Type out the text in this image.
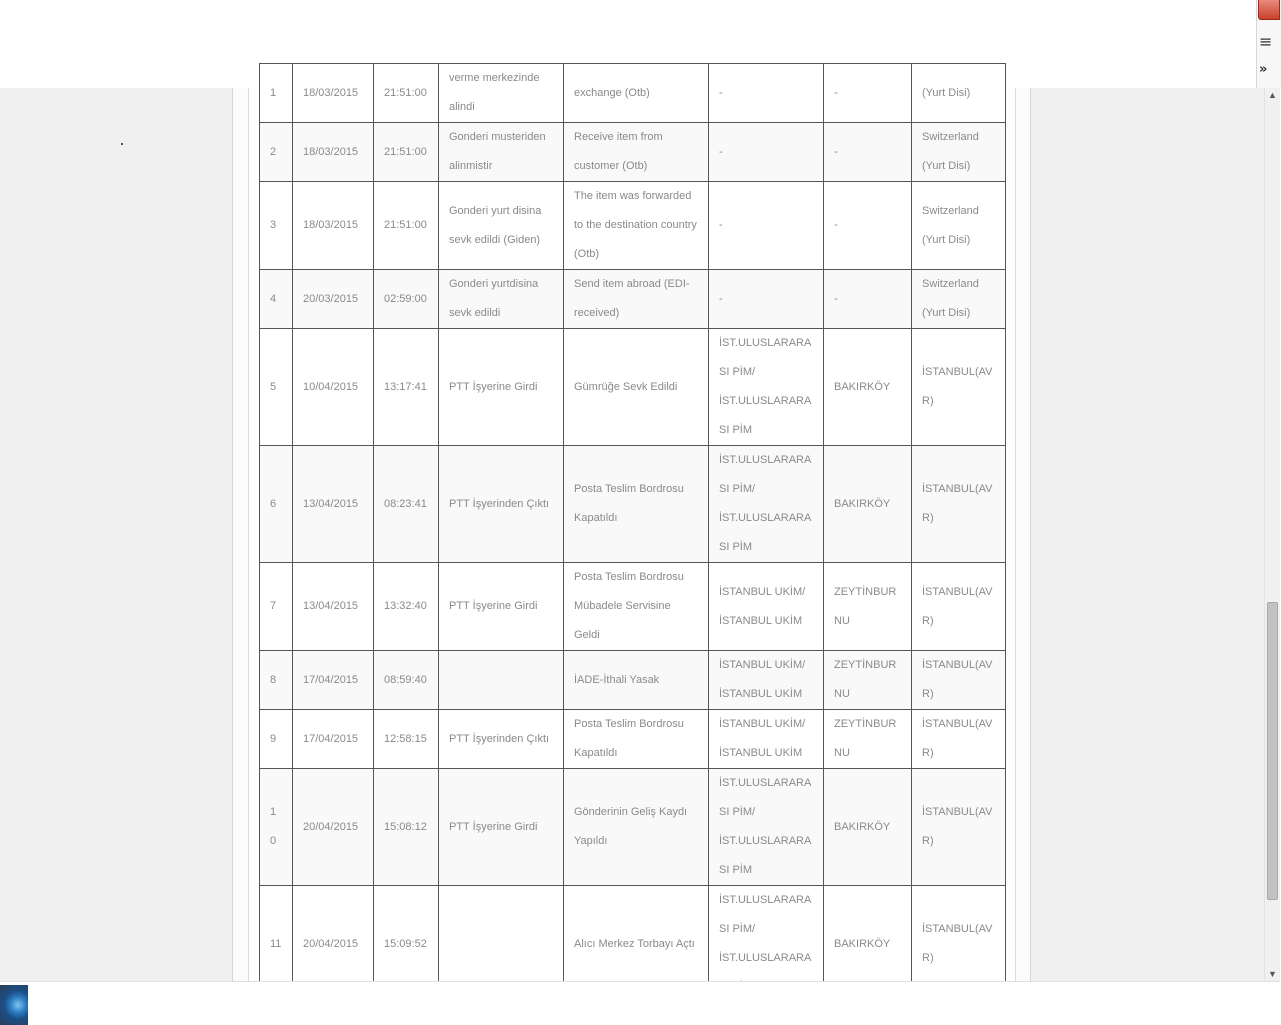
≡
»
1	18/03/2015	21:51:00	verme merkezinde alindi	exchange (Otb)	-	-	(Yurt Disi)
2	18/03/2015	21:51:00	Gonderi musteriden alinmistir	Receive item from customer (Otb)	-	-	Switzerland (Yurt Disi)
3	18/03/2015	21:51:00	Gonderi yurt disina sevk edildi (Giden)	The item was forwarded to the destination country (Otb)	-	-	Switzerland (Yurt Disi)
4	20/03/2015	02:59:00	Gonderi yurtdisina sevk edildi	Send item abroad (EDI-received)	-	-	Switzerland (Yurt Disi)
5	10/04/2015	13:17:41	PTT İşyerine Girdi	Gümrüğe Sevk Edildi	İST.ULUSLARARASI PİM/ İST.ULUSLARARASI PİM	BAKIRKÖY	İSTANBUL(AVR)
6	13/04/2015	08:23:41	PTT İşyerinden Çıktı	Posta Teslim Bordrosu Kapatıldı	İST.ULUSLARARASI PİM/ İST.ULUSLARARASI PİM	BAKIRKÖY	İSTANBUL(AVR)
7	13/04/2015	13:32:40	PTT İşyerine Girdi	Posta Teslim Bordrosu Mübadele Servisine Geldi	İSTANBUL UKİM/ İSTANBUL UKİM	ZEYTİNBURNU	İSTANBUL(AVR)
8	17/04/2015	08:59:40		İADE-İthali Yasak	İSTANBUL UKİM/ İSTANBUL UKİM	ZEYTİNBURNU	İSTANBUL(AVR)
9	17/04/2015	12:58:15	PTT İşyerinden Çıktı	Posta Teslim Bordrosu Kapatıldı	İSTANBUL UKİM/ İSTANBUL UKİM	ZEYTİNBURNU	İSTANBUL(AVR)
10	20/04/2015	15:08:12	PTT İşyerine Girdi	Gönderinin Geliş Kaydı Yapıldı	İST.ULUSLARARASI PİM/ İST.ULUSLARARASI PİM	BAKIRKÖY	İSTANBUL(AVR)
11	20/04/2015	15:09:52		Alıcı Merkez Torbayı Açtı	İST.ULUSLARARASI PİM/ İST.ULUSLARARA	BAKIRKÖY	İSTANBUL(AVR)
▲
▼
